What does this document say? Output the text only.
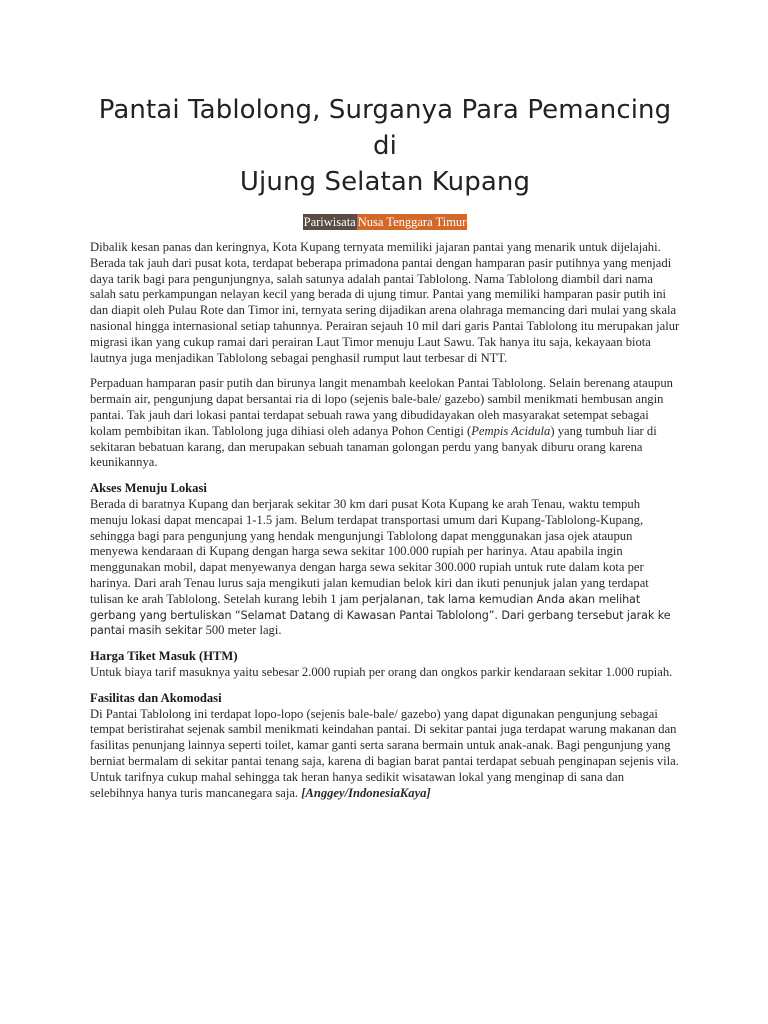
Pantai Tablolong, Surganya Para Pemancing di
Ujung Selatan Kupang
Pariwisata Nusa Tenggara Timur

Dibalik kesan panas dan keringnya, Kota Kupang ternyata memiliki jajaran pantai yang menarik untuk dijelajahi. Berada tak jauh dari pusat kota, terdapat beberapa primadona pantai dengan hamparan pasir putihnya yang menjadi daya tarik bagi para pengunjungnya, salah satunya adalah pantai Tablolong. Nama Tablolong diambil dari nama salah satu perkampungan nelayan kecil yang berada di ujung timur. Pantai yang memiliki hamparan pasir putih ini dan diapit oleh Pulau Rote dan Timor ini, ternyata sering dijadikan arena olahraga memancing dari mulai yang skala nasional hingga internasional setiap tahunnya. Perairan sejauh 10 mil dari garis Pantai Tablolong itu merupakan jalur migrasi ikan yang cukup ramai dari perairan Laut Timor menuju Laut Sawu. Tak hanya itu saja, kekayaan biota lautnya juga menjadikan Tablolong sebagai penghasil rumput laut terbesar di NTT.

Perpaduan hamparan pasir putih dan birunya langit menambah keelokan Pantai Tablolong. Selain berenang ataupun bermain air, pengunjung dapat bersantai ria di lopo (sejenis bale-bale/ gazebo) sambil menikmati hembusan angin pantai. Tak jauh dari lokasi pantai terdapat sebuah rawa yang dibudidayakan oleh masyarakat setempat sebagai kolam pembibitan ikan. Tablolong juga dihiasi oleh adanya Pohon Centigi (Pempis Acidula) yang tumbuh liar di sekitaran bebatuan karang, dan merupakan sebuah tanaman golongan perdu yang banyak diburu orang karena keunikannya.

Akses Menuju Lokasi

Berada di baratnya Kupang dan berjarak sekitar 30 km dari pusat Kota Kupang ke arah Tenau, waktu tempuh menuju lokasi dapat mencapai 1-1.5 jam. Belum terdapat transportasi umum dari Kupang-Tablolong-Kupang, sehingga bagi para pengunjung yang hendak mengunjungi Tablolong dapat menggunakan jasa ojek ataupun menyewa kendaraan di Kupang dengan harga sewa sekitar 100.000 rupiah per harinya. Atau apabila ingin menggunakan mobil, dapat menyewanya dengan harga sewa sekitar 300.000 rupiah untuk rute dalam kota per harinya. Dari arah Tenau lurus saja mengikuti jalan kemudian belok kiri dan ikuti penunjuk jalan yang terdapat tulisan ke arah Tablolong. Setelah kurang lebih 1 jam perjalanan, tak lama kemudian Anda akan melihat gerbang yang bertuliskan “Selamat Datang di Kawasan Pantai Tablolong”. Dari gerbang tersebut jarak ke pantai masih sekitar 500 meter lagi.

Harga Tiket Masuk (HTM)

Untuk biaya tarif masuknya yaitu sebesar 2.000 rupiah per orang dan ongkos parkir kendaraan sekitar 1.000 rupiah.

Fasilitas dan Akomodasi

Di Pantai Tablolong ini terdapat lopo-lopo (sejenis bale-bale/ gazebo) yang dapat digunakan pengunjung sebagai tempat beristirahat sejenak sambil menikmati keindahan pantai. Di sekitar pantai juga terdapat warung makanan dan fasilitas penunjang lainnya seperti toilet, kamar ganti serta sarana bermain untuk anak-anak. Bagi pengunjung yang berniat bermalam di sekitar pantai tenang saja, karena di bagian barat pantai terdapat sebuah penginapan sejenis vila. Untuk tarifnya cukup mahal sehingga tak heran hanya sedikit wisatawan lokal yang menginap di sana dan selebihnya hanya turis mancanegara saja. [Anggey/IndonesiaKaya]
